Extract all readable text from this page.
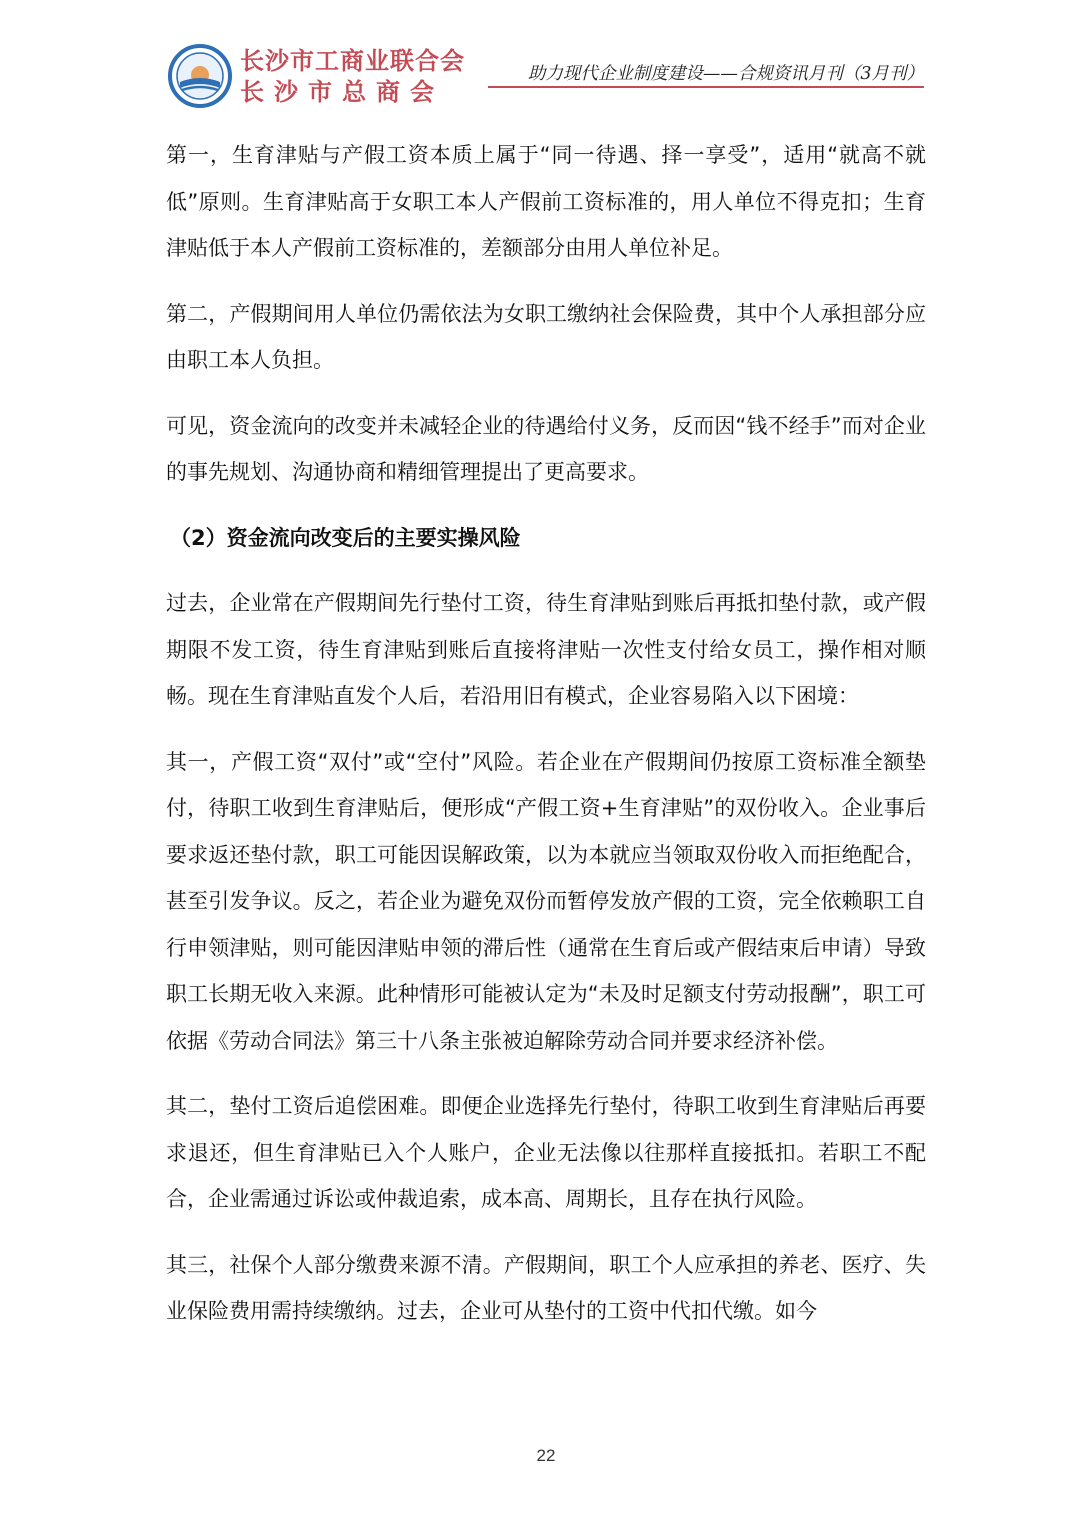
长沙市工商业联合会
长沙市总商会
助力现代企业制度建设——合规资讯月刊（3月刊）

第一，生育津贴与产假工资本质上属于“同一待遇、择一享受”，适用“就高不就低”原则。生育津贴高于女职工本人产假前工资标准的，用人单位不得克扣；生育津贴低于本人产假前工资标准的，差额部分由用人单位补足。

第二，产假期间用人单位仍需依法为女职工缴纳社会保险费，其中个人承担部分应由职工本人负担。

可见，资金流向的改变并未减轻企业的待遇给付义务，反而因“钱不经手”而对企业的事先规划、沟通协商和精细管理提出了更高要求。

（2）资金流向改变后的主要实操风险

过去，企业常在产假期间先行垫付工资，待生育津贴到账后再抵扣垫付款，或产假期限不发工资，待生育津贴到账后直接将津贴一次性支付给女员工，操作相对顺畅。现在生育津贴直发个人后，若沿用旧有模式，企业容易陷入以下困境：

其一，产假工资“双付”或“空付”风险。若企业在产假期间仍按原工资标准全额垫付，待职工收到生育津贴后，便形成“产假工资+生育津贴”的双份收入。企业事后要求返还垫付款，职工可能因误解政策，以为本就应当领取双份收入而拒绝配合，甚至引发争议。反之，若企业为避免双份而暂停发放产假的工资，完全依赖职工自行申领津贴，则可能因津贴申领的滞后性（通常在生育后或产假结束后申请）导致职工长期无收入来源。此种情形可能被认定为“未及时足额支付劳动报酬”，职工可依据《劳动合同法》第三十八条主张被迫解除劳动合同并要求经济补偿。

其二，垫付工资后追偿困难。即便企业选择先行垫付，待职工收到生育津贴后再要求退还，但生育津贴已入个人账户，企业无法像以往那样直接抵扣。若职工不配合，企业需通过诉讼或仲裁追索，成本高、周期长，且存在执行风险。

其三，社保个人部分缴费来源不清。产假期间，职工个人应承担的养老、医疗、失业保险费用需持续缴纳。过去，企业可从垫付的工资中代扣代缴。如今

22
